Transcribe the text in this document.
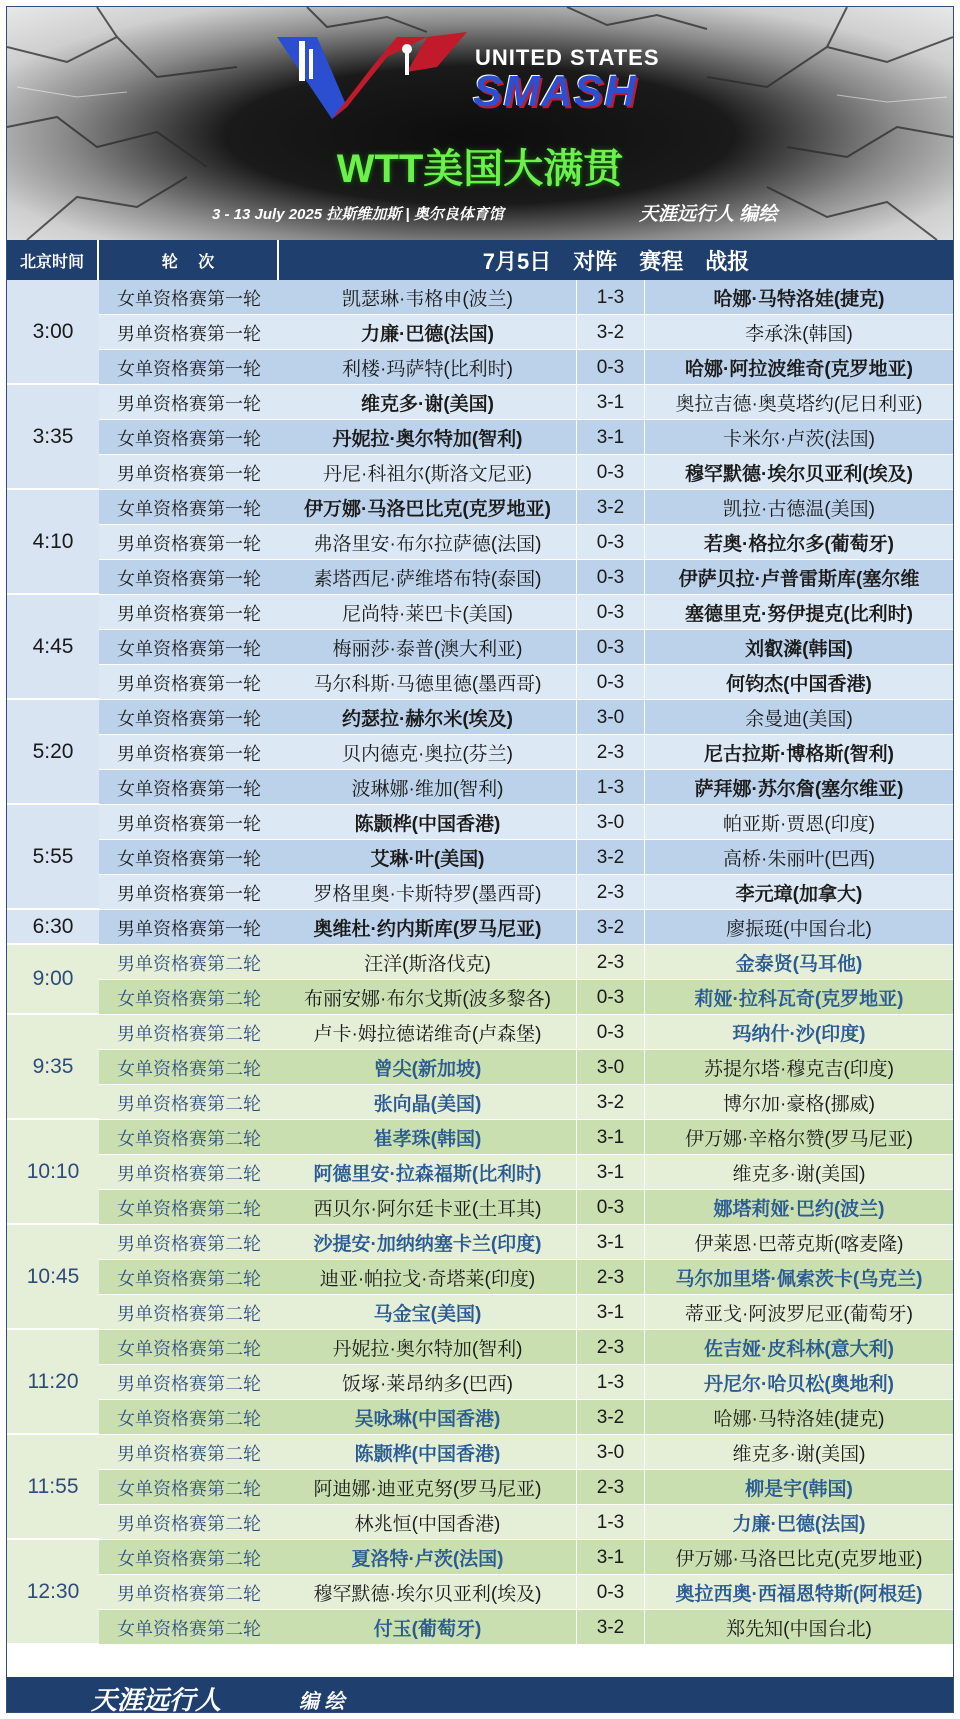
UNITED STATES
SMASH
WTT美国大满贯
3 - 13 July 2025 拉斯维加斯 | 奥尔良体育馆	天涯远行人 编绘
北京时间	轮　 次	7月5日　对阵　赛程　战报
3:00
女单资格赛第一轮	凯瑟琳·韦格申(波兰)	1-3	哈娜·马特洛娃(捷克)
男单资格赛第一轮	力廉·巴德(法国)	3-2	李承洙(韩国)
女单资格赛第一轮	利楼·玛萨特(比利时)	0-3	哈娜·阿拉波维奇(克罗地亚)
3:35
男单资格赛第一轮	维克多·谢(美国)	3-1	奥拉吉德·奥莫塔约(尼日利亚)
女单资格赛第一轮	丹妮拉·奥尔特加(智利)	3-1	卡米尔·卢茨(法国)
男单资格赛第一轮	丹尼·科祖尔(斯洛文尼亚)	0-3	穆罕默德·埃尔贝亚利(埃及)
4:10
女单资格赛第一轮	伊万娜·马洛巴比克(克罗地亚)	3-2	凯拉·古德温(美国)
男单资格赛第一轮	弗洛里安·布尔拉萨德(法国)	0-3	若奥·格拉尔多(葡萄牙)
女单资格赛第一轮	素塔西尼·萨维塔布特(泰国)	0-3	伊萨贝拉·卢普雷斯库(塞尔维
4:45
男单资格赛第一轮	尼尚特·莱巴卡(美国)	0-3	塞德里克·努伊提克(比利时)
女单资格赛第一轮	梅丽莎·泰普(澳大利亚)	0-3	刘叡潾(韩国)
男单资格赛第一轮	马尔科斯·马德里德(墨西哥)	0-3	何钧杰(中国香港)
5:20
女单资格赛第一轮	约瑟拉·赫尔米(埃及)	3-0	余曼迪(美国)
男单资格赛第一轮	贝内德克·奥拉(芬兰)	2-3	尼古拉斯·博格斯(智利)
女单资格赛第一轮	波琳娜·维加(智利)	1-3	萨拜娜·苏尔詹(塞尔维亚)
5:55
男单资格赛第一轮	陈颢桦(中国香港)	3-0	帕亚斯·贾恩(印度)
女单资格赛第一轮	艾琳·叶(美国)	3-2	高桥·朱丽叶(巴西)
男单资格赛第一轮	罗格里奥·卡斯特罗(墨西哥)	2-3	李元璋(加拿大)
6:30	男单资格赛第一轮	奥维杜·约内斯库(罗马尼亚)	3-2	廖振珽(中国台北)
9:00
男单资格赛第二轮	汪洋(斯洛伐克)	2-3	金泰贤(马耳他)
女单资格赛第二轮	布丽安娜·布尔戈斯(波多黎各)	0-3	莉娅·拉科瓦奇(克罗地亚)
9:35
男单资格赛第二轮	卢卡·姆拉德诺维奇(卢森堡)	0-3	玛纳什·沙(印度)
女单资格赛第二轮	曾尖(新加坡)	3-0	苏提尔塔·穆克吉(印度)
男单资格赛第二轮	张向晶(美国)	3-2	博尔加·豪格(挪威)
10:10
女单资格赛第二轮	崔孝珠(韩国)	3-1	伊万娜·辛格尔赞(罗马尼亚)
男单资格赛第二轮	阿德里安·拉森福斯(比利时)	3-1	维克多·谢(美国)
女单资格赛第二轮	西贝尔·阿尔廷卡亚(土耳其)	0-3	娜塔莉娅·巴约(波兰)
10:45
男单资格赛第二轮	沙提安·加纳纳塞卡兰(印度)	3-1	伊莱恩·巴蒂克斯(喀麦隆)
女单资格赛第二轮	迪亚·帕拉戈·奇塔莱(印度)	2-3	马尔加里塔·佩索茨卡(乌克兰)
男单资格赛第二轮	马金宝(美国)	3-1	蒂亚戈·阿波罗尼亚(葡萄牙)
11:20
女单资格赛第二轮	丹妮拉·奥尔特加(智利)	2-3	佐吉娅·皮科林(意大利)
男单资格赛第二轮	饭塚·莱昂纳多(巴西)	1-3	丹尼尔·哈贝松(奥地利)
女单资格赛第二轮	吴咏琳(中国香港)	3-2	哈娜·马特洛娃(捷克)
11:55
男单资格赛第二轮	陈颢桦(中国香港)	3-0	维克多·谢(美国)
女单资格赛第二轮	阿迪娜·迪亚克努(罗马尼亚)	2-3	柳是宇(韩国)
男单资格赛第二轮	林兆恒(中国香港)	1-3	力廉·巴德(法国)
12:30
女单资格赛第二轮	夏洛特·卢茨(法国)	3-1	伊万娜·马洛巴比克(克罗地亚)
男单资格赛第二轮	穆罕默德·埃尔贝亚利(埃及)	0-3	奥拉西奥·西福恩特斯(阿根廷)
女单资格赛第二轮	付玉(葡萄牙)	3-2	郑先知(中国台北)
天涯远行人	编 绘
